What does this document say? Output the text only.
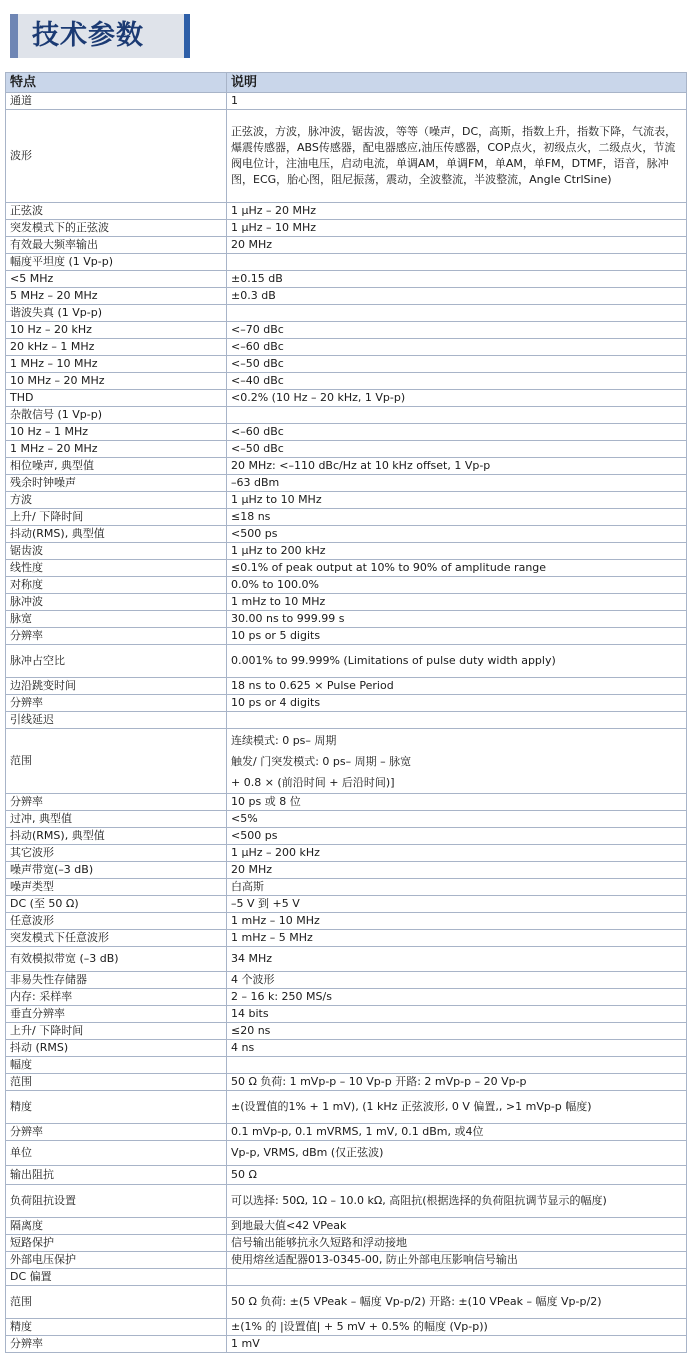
技术参数
特点	说明
通道	1
波形	正弦波，方波，脉冲波，锯齿波，等等（噪声，DC，高斯，指数上升，指数下降，气流表，爆震传感器，ABS传感器，配电器感应,油压传感器，COP点火，初级点火，二级点火，节流阀电位计，注油电压，启动电流，单调AM，单调FM，单AM，单FM，DTMF，语音，脉冲图，ECG，胎心图，阻尼振荡，震动，全波整流，半波整流，Angle CtrlSine)
正弦波	1 μHz – 20 MHz
突发模式下的正弦波	1 μHz – 10 MHz
有效最大频率输出	20 MHz
幅度平坦度 (1 Vp-p)	
<5 MHz	±0.15 dB
5 MHz – 20 MHz	±0.3 dB
谐波失真 (1 Vp-p)	
10 Hz – 20 kHz	<–70 dBc
20 kHz – 1 MHz	<–60 dBc
1 MHz – 10 MHz	<–50 dBc
10 MHz – 20 MHz	<–40 dBc
THD	<0.2% (10 Hz – 20 kHz, 1 Vp-p)
杂散信号 (1 Vp-p)	
10 Hz – 1 MHz	<–60 dBc
1 MHz – 20 MHz	<–50 dBc
相位噪声, 典型值	20 MHz: <–110 dBc/Hz at 10 kHz offset, 1 Vp-p
残余时钟噪声	–63 dBm
方波	1 μHz to 10 MHz
上升/ 下降时间	≤18 ns
抖动(RMS), 典型值	<500 ps
锯齿波	1 μHz to 200 kHz
线性度	≤0.1% of peak output at 10% to 90% of amplitude range
对称度	0.0% to 100.0%
脉冲波	1 mHz to 10 MHz
脉宽	30.00 ns to 999.99 s
分辨率	10 ps or 5 digits
脉冲占空比	0.001% to 99.999% (Limitations of pulse duty width apply)
边沿跳变时间	18 ns to 0.625 × Pulse Period
分辨率	10 ps or 4 digits
引线延迟	
范围	连续模式: 0 ps– 周期
触发/ 门突发模式: 0 ps– 周期 – 脉宽
+ 0.8 × (前沿时间 + 后沿时间)]

分辨率	10 ps 或 8 位
过冲, 典型值	<5%
抖动(RMS), 典型值	<500 ps
其它波形	1 μHz – 200 kHz
噪声带宽(–3 dB)	20 MHz
噪声类型	白高斯
DC (至 50 Ω)	–5 V 到 +5 V
任意波形	1 mHz – 10 MHz
突发模式下任意波形	1 mHz – 5 MHz
有效模拟带宽 (–3 dB)	34 MHz
非易失性存储器	4 个波形
内存: 采样率	2 – 16 k: 250 MS/s
垂直分辨率	14 bits
上升/ 下降时间	≤20 ns
抖动 (RMS)	4 ns
幅度	
范围	50 Ω 负荷: 1 mVp-p – 10 Vp-p 开路: 2 mVp-p – 20 Vp-p
精度	±(设置值的1% + 1 mV), (1 kHz 正弦波形, 0 V 偏置,, >1 mVp-p 幅度)
分辨率	0.1 mVp-p, 0.1 mVRMS, 1 mV, 0.1 dBm, 或4位
单位	Vp-p, VRMS, dBm (仅正弦波)
输出阻抗	50 Ω
负荷阻抗设置	可以选择: 50Ω, 1Ω – 10.0 kΩ, 高阻抗(根据选择的负荷阻抗调节显示的幅度)
隔离度	到地最大值<42 VPeak
短路保护	信号输出能够抗永久短路和浮动接地
外部电压保护	使用熔丝适配器013-0345-00, 防止外部电压影响信号输出
DC 偏置	
范围	50 Ω 负荷: ±(5 VPeak – 幅度 Vp-p/2) 开路: ±(10 VPeak – 幅度 Vp-p/2)
精度	±(1% 的 |设置值| + 5 mV + 0.5% 的幅度 (Vp-p))
分辨率	1 mV
